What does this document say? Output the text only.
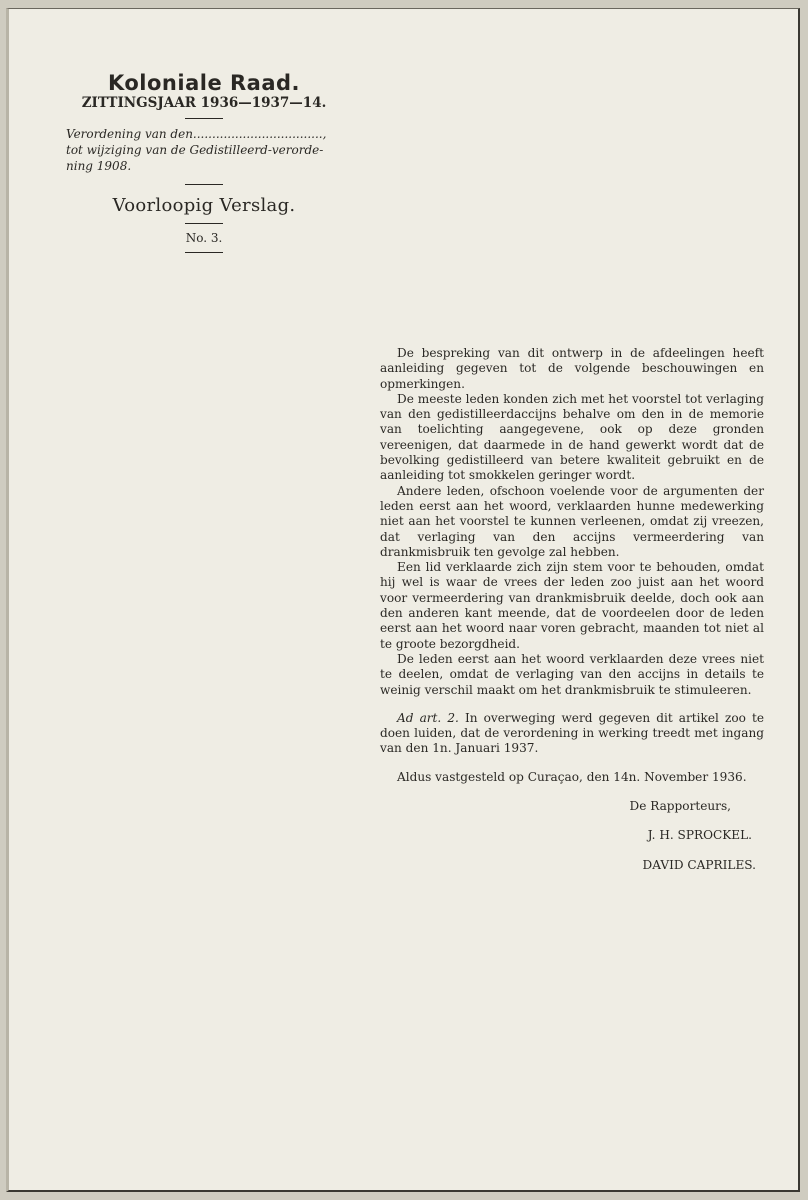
Koloniale Raad.
ZITTINGSJAAR 1936—1937—14.
Verordening van den..................................,
tot wijziging van de Gedistilleerd-verorde-
ning 1908.
Voorloopig Verslag.
No. 3.

De bespreking van dit ontwerp in de afdeelingen heeft aanleiding gegeven tot de volgende beschouwingen en opmerkingen.

De meeste leden konden zich met het voorstel tot verlaging van den gedistilleerdaccijns behalve om den in de memorie van toelichting aangegevene, ook op deze gronden vereenigen, dat daarmede in de hand gewerkt wordt dat de bevolking gedistilleerd van betere kwaliteit gebruikt en de aanleiding tot smokkelen geringer wordt.

Andere leden, ofschoon voelende voor de argumenten der leden eerst aan het woord, verklaarden hunne medewerking niet aan het voorstel te kunnen verleenen, omdat zij vreezen, dat verlaging van den accijns vermeerdering van drankmisbruik ten gevolge zal hebben.

Een lid verklaarde zich zijn stem voor te behouden, omdat hij wel is waar de vrees der leden zoo juist aan het woord voor vermeerdering van drankmisbruik deelde, doch ook aan den anderen kant meende, dat de voordeelen door de leden eerst aan het woord naar voren gebracht, maanden tot niet al te groote bezorgdheid.

De leden eerst aan het woord verklaarden deze vrees niet te deelen, omdat de verlaging van den accijns in details te weinig verschil maakt om het drankmisbruik te stimuleeren.

Ad art. 2. In overweging werd gegeven dit artikel zoo te doen luiden, dat de verordening in werking treedt met ingang van den 1n. Januari 1937.

Aldus vastgesteld op Curaçao, den 14n. November 1936.

De Rapporteurs,
J. H. SPROCKEL.
DAVID CAPRILES.
